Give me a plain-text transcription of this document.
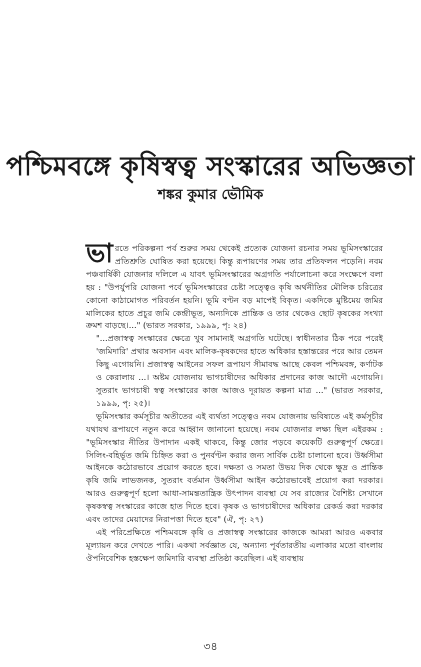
পশ্চিমবঙ্গে কৃষিস্বত্ব সংস্কারের অভিজ্ঞতা
শঙ্কর কুমার ভৌমিক

ভারতে পরিকল্পনা পর্ব শুরুর সময় থেকেই প্রত্যেক যোজনা রচনার সময় ভূমিসংস্কারের প্রতিশ্রুতি ঘোষিত করা হয়েছে। কিন্তু রূপায়ণের সময় তার প্রতিফলন পড়েনি। নবম পঞ্চবার্ষিকী যোজনার দলিলে এ যাবৎ ভূমিসংস্কারের অগ্রগতি পর্যালোচনা করে সংক্ষেপে বলা হয় : "উপর্যুপরি যোজনা পর্বে ভূমিসংস্কারের চেষ্টা সত্ত্বেও কৃষি অর্থনীতির মৌলিক চরিত্রের কোনো কাঠামোগত পরিবর্তন হয়নি। ভূমি বণ্টন বড় মাপেই বিকৃত। একদিকে মুষ্টিমেয় জমির মালিকের হাতে প্রচুর জমি কেন্দ্রীভূত, অন্যদিকে প্রান্তিক ও তার থেকেও ছোট কৃষকের সংখ্যা ক্রমশ বাড়ছে।..." (ভারত সরকার, ১৯৯৯, পৃ: ২৪)

"...প্রজাস্বত্ব সংস্কারের ক্ষেত্রে খুব সামান্যই অগ্রগতি ঘটেছে। স্বাধীনতার ঠিক পরে পরেই 'জমিদারি' প্রথার অবসান এবং মালিক-কৃষকদের হাতে অধিকার হস্তান্তরের পরে আর তেমন কিছু এগোয়নি। প্রজাস্বত্ব আইনের সফল রূপায়ণ সীমাবদ্ধ আছে কেবল পশ্চিমবঙ্গ, কর্ণাটক ও কেরালায় ...। অষ্টম যোজনায় ভাগচাষীদের অধিকার প্রদানের কাজ আদৌ এগোয়নি। সুতরাং ভাগচাষী স্বত্ব সংস্কারের কাজ আজও দূরায়ত কল্পনা মাত্র ..." (ভারত সরকার, ১৯৯৯, পৃ: ২৫)।

ভূমিসংস্কার কর্মসূচীর অতীতের এই ব্যর্থতা সত্ত্বেও নবম যোজনায় ভবিষ্যতে এই কর্মসূচীর যথাযথ রূপায়ণে নতুন করে আহ্বান জানানো হয়েছে। নবম যোজনার লক্ষ্য ছিল এইরকম : "ভূমিসংস্কার নীতির উপাদান একই থাকবে, কিন্তু জোর পড়বে কয়েকটি গুরুত্বপূর্ণ ক্ষেত্রে। সিলিং-বহির্ভূত জমি চিহ্নিত করা ও পুনর্বণ্টন করার জন্য সার্বিক চেষ্টা চালানো হবে। উর্ধ্বসীমা আইনকে কঠোরভাবে প্রয়োগ করতে হবে। দক্ষতা ও সমতা উভয় দিক থেকে ক্ষুদ্র ও প্রান্তিক কৃষি জমি লাভজনক, সুতরাং বর্তমান উর্ধ্বসীমা আইন কঠোরভাবেই প্রয়োগ করা দরকার। আরও গুরুত্বপূর্ণ হলো আধা-সামন্ততান্ত্রিক উৎপাদন ব্যবস্থা যে সব রাজ্যের বৈশিষ্ট্য সেখানে কৃষকস্বত্ব সংস্কারের কাজে হাত দিতে হবে। কৃষক ও ভাগচাষীদের অধিকার রেকর্ড করা দরকার এবং তাদের মেয়াদের নিরাপত্তা দিতে হবে" (ঐ, পৃ: ২৭)

এই পরিপ্রেক্ষিতে পশ্চিমবঙ্গে কৃষি ও প্রজাস্বত্ব সংস্কারের কাজকে আমরা আরও একবার মূল্যায়ন করে দেখতে পারি। একথা সর্বজ্ঞাত যে, অন্যান্য পূর্বতারতীয় এলাকার মতো বাংলায় ঔপনিবেশিক হস্তক্ষেপ জমিদারি ব্যবস্থা প্রতিষ্ঠা করেছিল। এই ব্যবস্থায়

৩৪
